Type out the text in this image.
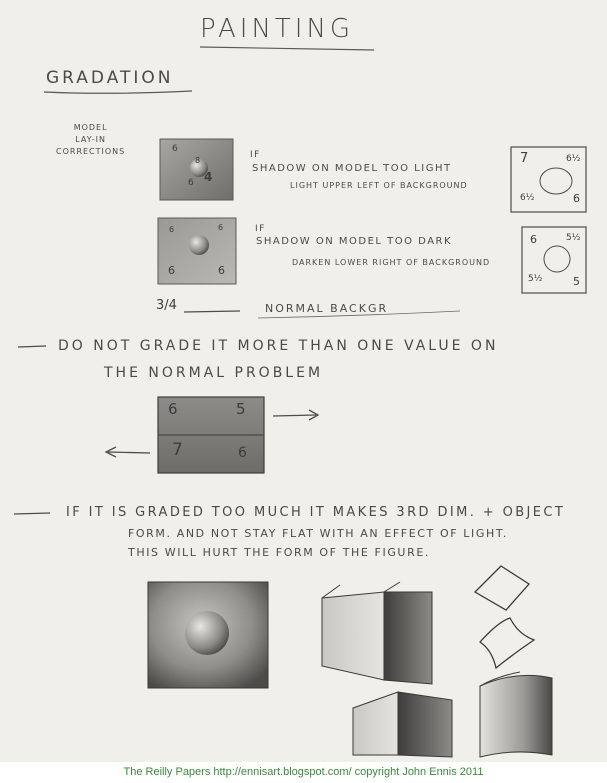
PAINTING
GRADATION
MODEL
LAY-IN
CORRECTIONS	6
8
6 4
IF
SHADOW ON MODEL TOO LIGHT
LIGHT UPPER LEFT OF BACKGROUND
7	6½
6½	6
6	6
6	6
IF
SHADOW ON MODEL TOO DARK
DARKEN LOWER RIGHT OF BACKGROUND
6	5½
5½	5
3/4	NORMAL BACKGR
DO NOT GRADE IT MORE THAN ONE VALUE ON
THE NORMAL PROBLEM
6	5
7	6
IF IT IS GRADED TOO MUCH IT MAKES 3RD DIM. + OBJECT
FORM. AND NOT STAY FLAT WITH AN EFFECT OF LIGHT.
THIS WILL HURT THE FORM OF THE FIGURE.
The Reilly Papers http://ennisart.blogspot.com/ copyright John Ennis 2011
